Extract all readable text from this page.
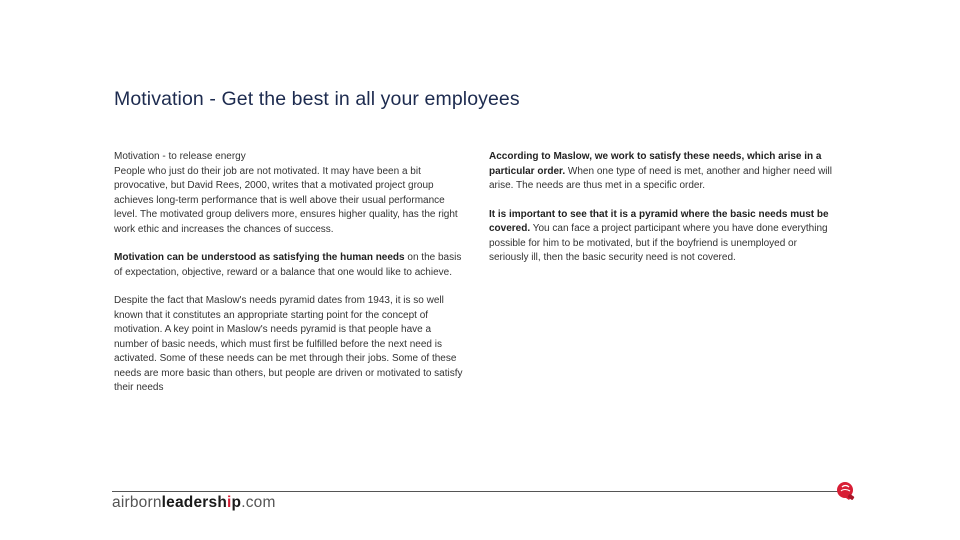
Motivation - Get the best in all your employees

Motivation - to release energy
People who just do their job are not motivated. It may have been a bit provocative, but David Rees, 2000, writes that a motivated project group achieves long-term performance that is well above their usual performance level. The motivated group delivers more, ensures higher quality, has the right work ethic and increases the chances of success.

Motivation can be understood as satisfying the human needs on the basis of expectation, objective, reward or a balance that one would like to achieve.

Despite the fact that Maslow's needs pyramid dates from 1943, it is so well known that it constitutes an appropriate starting point for the concept of motivation. A key point in Maslow's needs pyramid is that people have a number of basic needs, which must first be fulfilled before the next need is activated. Some of these needs can be met through their jobs. Some of these needs are more basic than others, but people are driven or motivated to satisfy their needs

According to Maslow, we work to satisfy these needs, which arise in a particular order. When one type of need is met, another and higher need will arise. The needs are thus met in a specific order.

It is important to see that it is a pyramid where the basic needs must be covered. You can face a project participant where you have done everything possible for him to be motivated, but if the boyfriend is unemployed or seriously ill, then the basic security need is not covered.

airbornleadership.com
